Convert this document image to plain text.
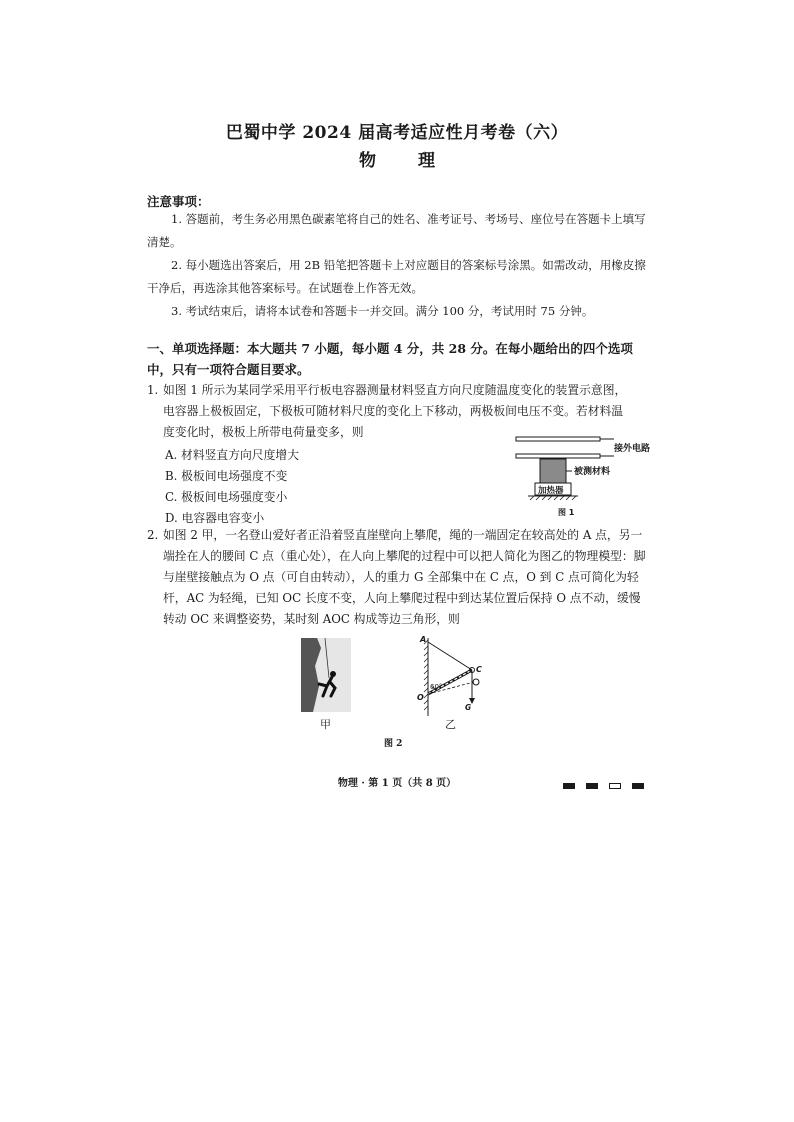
巴蜀中学 2024 届高考适应性月考卷（六）
物 理
注意事项：

1. 答题前，考生务必用黑色碳素笔将自己的姓名、准考证号、考场号、座位号在答题卡上填写清楚。

2. 每小题选出答案后，用 2B 铅笔把答题卡上对应题目的答案标号涂黑。如需改动，用橡皮擦干净后，再选涂其他答案标号。在试题卷上作答无效。

3. 考试结束后，请将本试卷和答题卡一并交回。满分 100 分，考试用时 75 分钟。

一、单项选择题：本大题共 7 小题，每小题 4 分，共 28 分。在每小题给出的四个选项中，只有一项符合题目要求。
1. 如图 1 所示为某同学采用平行板电容器测量材料竖直方向尺度随温度变化的装置示意图，电容器上极板固定，下极板可随材料尺度的变化上下移动，两极板间电压不变。若材料温度变化时，极板上所带电荷量变多，则
A. 材料竖直方向尺度增大
B. 极板间电场强度不变
C. 极板间电场强度变小
D. 电容器电容变小
接外电路
被测材料
加热器
图 1
2. 如图 2 甲，一名登山爱好者正沿着竖直崖壁向上攀爬，绳的一端固定在较高处的 A 点，另一端拴在人的腰间 C 点（重心处），在人向上攀爬的过程中可以把人简化为图乙的物理模型：脚与崖壁接触点为 O 点（可自由转动），人的重力 G 全部集中在 C 点，O 到 C 点可简化为轻杆，AC 为轻绳，已知 OC 长度不变，人向上攀爬过程中到达某位置后保持 O 点不动，缓慢转动 OC 来调整姿势，某时刻 AOC 构成等边三角形，则
甲
A
C
O
G
60°
乙
图 2
物理 · 第 1 页（共 8 页）
